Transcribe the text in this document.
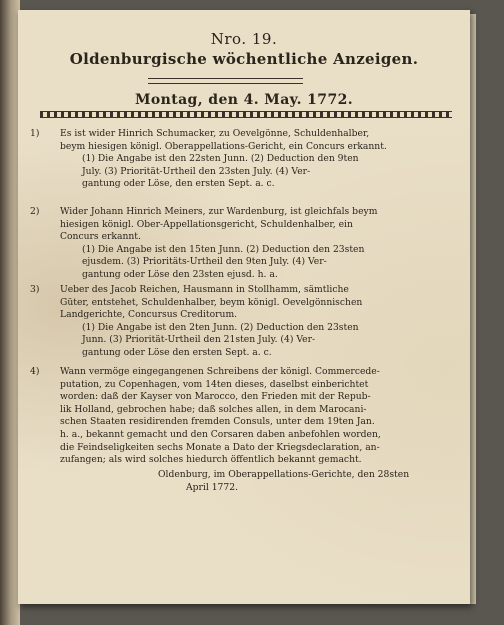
Nro. 19.
Oldenburgische wöchentliche Anzeigen.
Montag, den 4. May. 1772.
1)	Es ist wider Hinrich Schumacker, zu Oevelgönne, Schuldenhalber,
beym hiesigen königl. Oberappellations-Gericht, ein Concurs erkannt.
(1) Die Angabe ist den 22sten Junn. (2) Deduction den 9ten
July. (3) Priorität-Urtheil den 23sten July. (4) Ver-
gantung oder Löse, den ersten Sept. a. c.
2)	Wider Johann Hinrich Meiners, zur Wardenburg, ist gleichfals beym
hiesigen königl. Ober-Appellationsgericht, Schuldenhalber, ein
Concurs erkannt.
(1) Die Angabe ist den 15ten Junn. (2) Deduction den 23sten
ejusdem. (3) Prioritäts-Urtheil den 9ten July. (4) Ver-
gantung oder Löse den 23sten ejusd. h. a.
3)	Ueber des Jacob Reichen, Hausmann in Stollhamm, sämtliche
Güter, entstehet, Schuldenhalber, beym königl. Oevelgönnischen
Landgerichte, Concursus Creditorum.
(1) Die Angabe ist den 2ten Junn. (2) Deduction den 23sten
Junn. (3) Priorität-Urtheil den 21sten July. (4) Ver-
gantung oder Löse den ersten Sept. a. c.
4)	Wann vermöge eingegangenen Schreibens der königl. Commercede-
putation, zu Copenhagen, vom 14ten dieses, daselbst einberichtet
worden: daß der Kayser von Marocco, den Frieden mit der Repub-
lik Holland, gebrochen habe; daß solches allen, in dem Marocani-
schen Staaten residirenden fremden Consuls, unter dem 19ten Jan.
h. a., bekannt gemacht und den Corsaren daben anbefohlen worden,
die Feindseligkeiten sechs Monate a Dato der Kriegsdeclaration, an-
zufangen; als wird solches hiedurch öffentlich bekannt gemacht.
Oldenburg, im Oberappellations-Gerichte, den 28sten
April 1772.
